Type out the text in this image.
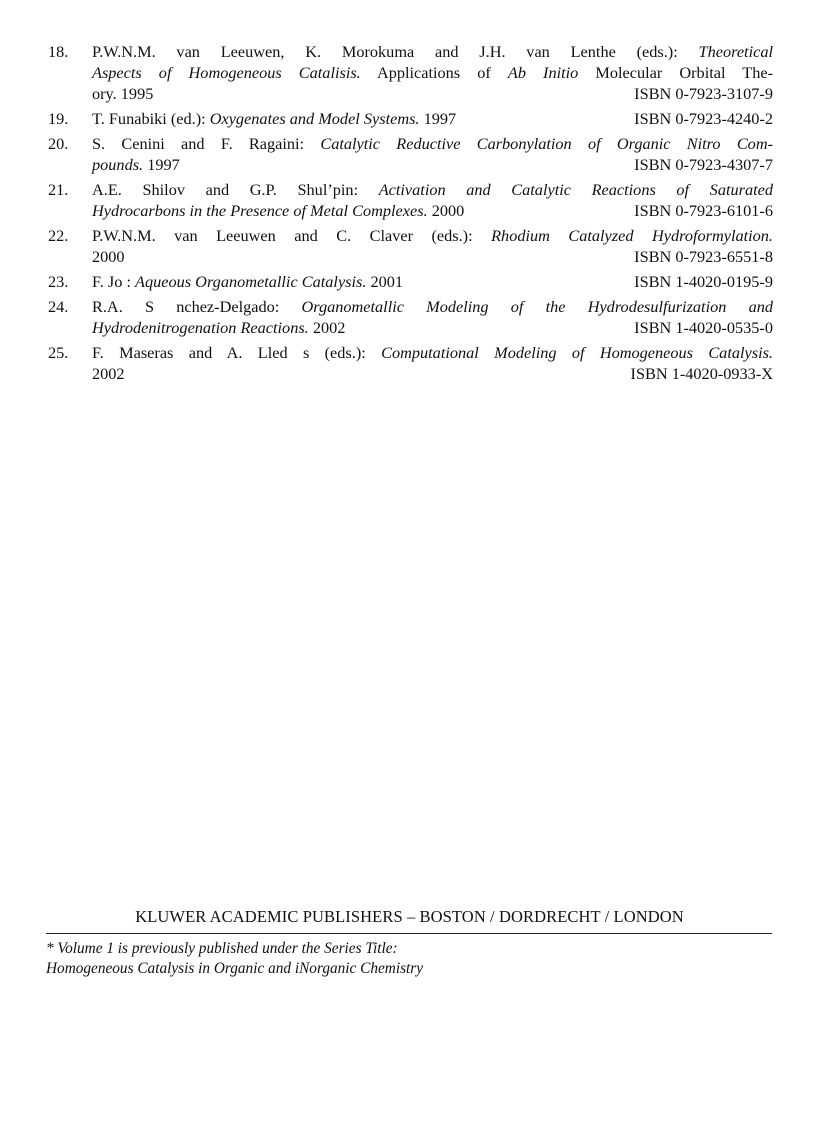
18.	P.W.N.M. van Leeuwen, K. Morokuma and J.H. van Lenthe (eds.): Theoretical
Aspects of Homogeneous Catalisis. Applications of Ab Initio Molecular Orbital The-
ory. 1995	ISBN 0-7923-3107-9
19.	T. Funabiki (ed.): Oxygenates and Model Systems. 1997	ISBN 0-7923-4240-2
20.	S. Cenini and F. Ragaini: Catalytic Reductive Carbonylation of Organic Nitro Com-
pounds. 1997	ISBN 0-7923-4307-7
21.	A.E. Shilov and G.P. Shul’pin: Activation and Catalytic Reactions of Saturated
Hydrocarbons in the Presence of Metal Complexes. 2000	ISBN 0-7923-6101-6
22.	P.W.N.M. van Leeuwen and C. Claver (eds.): Rhodium Catalyzed Hydroformylation.
2000	ISBN 0-7923-6551-8
23.	F. Jo : Aqueous Organometallic Catalysis. 2001	ISBN 1-4020-0195-9
24.	R.A. S nchez-Delgado: Organometallic Modeling of the Hydrodesulfurization and
Hydrodenitrogenation Reactions. 2002	ISBN 1-4020-0535-0
25.	F. Maseras and A. Lled s (eds.): Computational Modeling of Homogeneous Catalysis.
2002	ISBN 1-4020-0933-X
KLUWER ACADEMIC PUBLISHERS – BOSTON / DORDRECHT / LONDON
* Volume 1 is previously published under the Series Title:
Homogeneous Catalysis in Organic and iNorganic Chemistry
